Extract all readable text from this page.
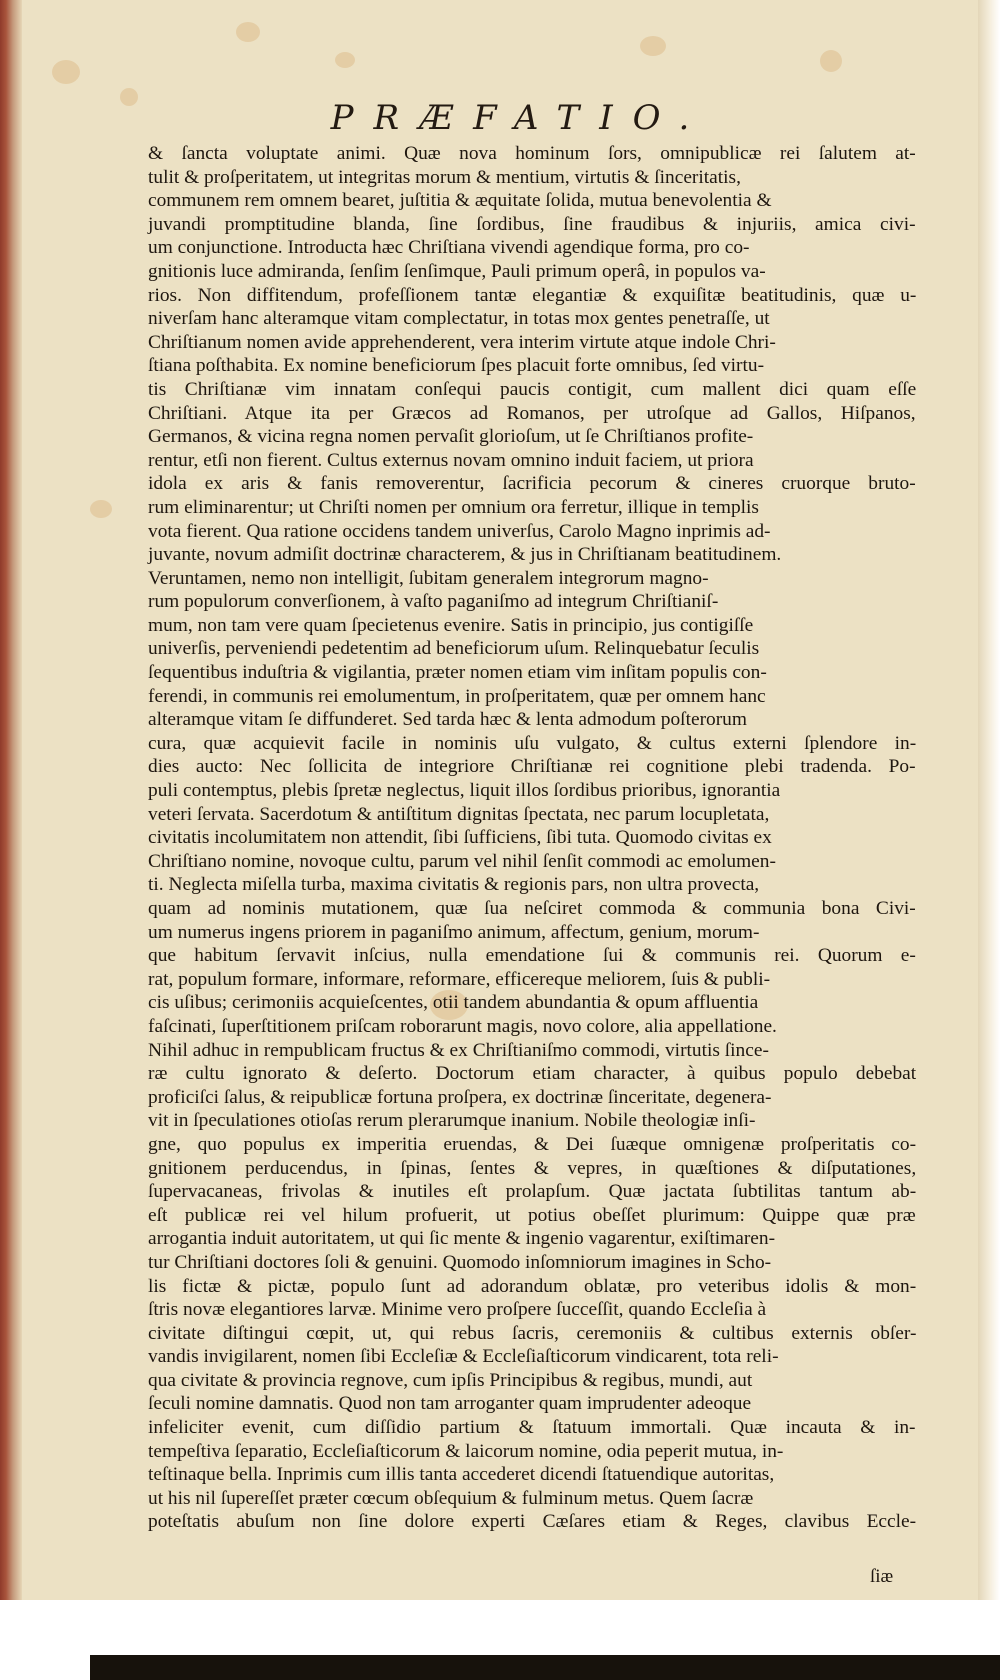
PRÆFATIO.
& ſancta voluptate animi. Quæ nova hominum ſors, omnipublicæ rei ſalutem at-
tulit & proſperitatem, ut integritas morum & mentium, virtutis & ſinceritatis,
communem rem omnem bearet, juſtitia & æquitate ſolida, mutua benevolentia &
juvandi promptitudine blanda, ſine ſordibus, ſine fraudibus & injuriis, amica civi-
um conjunctione. Introducta hæc Chriſtiana vivendi agendique forma, pro co-
gnitionis luce admiranda, ſenſim ſenſimque, Pauli primum operâ, in populos va-
rios. Non diffitendum, profeſſionem tantæ elegantiæ & exquiſitæ beatitudinis, quæ u-
niverſam hanc alteramque vitam complectatur, in totas mox gentes penetraſſe, ut
Chriſtianum nomen avide apprehenderent, vera interim virtute atque indole Chri-
ſtiana poſthabita. Ex nomine beneficiorum ſpes placuit forte omnibus, ſed virtu-
tis Chriſtianæ vim innatam conſequi paucis contigit, cum mallent dici quam eſſe
Chriſtiani. Atque ita per Græcos ad Romanos, per utroſque ad Gallos, Hiſpanos,
Germanos, & vicina regna nomen pervaſit glorioſum, ut ſe Chriſtianos profite-
rentur, etſi non fierent. Cultus externus novam omnino induit faciem, ut priora
idola ex aris & fanis removerentur, ſacrificia pecorum & cineres cruorque bruto-
rum eliminarentur; ut Chriſti nomen per omnium ora ferretur, illique in templis
vota fierent. Qua ratione occidens tandem univerſus, Carolo Magno inprimis ad-
juvante, novum admiſit doctrinæ characterem, & jus in Chriſtianam beatitudinem.
Veruntamen, nemo non intelligit, ſubitam generalem integrorum magno-
rum populorum converſionem, à vaſto paganiſmo ad integrum Chriſtianiſ-
mum, non tam vere quam ſpecietenus evenire. Satis in principio, jus contigiſſe
univerſis, perveniendi pedetentim ad beneficiorum uſum. Relinquebatur ſeculis
ſequentibus induſtria & vigilantia, præter nomen etiam vim inſitam populis con-
ferendi, in communis rei emolumentum, in proſperitatem, quæ per omnem hanc
alteramque vitam ſe diffunderet. Sed tarda hæc & lenta admodum poſterorum
cura, quæ acquievit facile in nominis uſu vulgato, & cultus externi ſplendore in-
dies aucto: Nec ſollicita de integriore Chriſtianæ rei cognitione plebi tradenda. Po-
puli contemptus, plebis ſpretæ neglectus, liquit illos ſordibus prioribus, ignorantia
veteri ſervata. Sacerdotum & antiſtitum dignitas ſpectata, nec parum locupletata,
civitatis incolumitatem non attendit, ſibi ſufficiens, ſibi tuta. Quomodo civitas ex
Chriſtiano nomine, novoque cultu, parum vel nihil ſenſit commodi ac emolumen-
ti. Neglecta miſella turba, maxima civitatis & regionis pars, non ultra provecta,
quam ad nominis mutationem, quæ ſua neſciret commoda & communia bona Civi-
um numerus ingens priorem in paganiſmo animum, affectum, genium, morum-
que habitum ſervavit inſcius, nulla emendatione ſui & communis rei. Quorum e-
rat, populum formare, informare, reformare, efficereque meliorem, ſuis & publi-
cis uſibus; cerimoniis acquieſcentes, otii tandem abundantia & opum affluentia
faſcinati, ſuperſtitionem priſcam roborarunt magis, novo colore, alia appellatione.
Nihil adhuc in rempublicam fructus & ex Chriſtianiſmo commodi, virtutis ſince-
ræ cultu ignorato & deſerto. Doctorum etiam character, à quibus populo debebat
proficiſci ſalus, & reipublicæ fortuna proſpera, ex doctrinæ ſinceritate, degenera-
vit in ſpeculationes otioſas rerum plerarumque inanium. Nobile theologiæ inſi-
gne, quo populus ex imperitia eruendas, & Dei ſuæque omnigenæ proſperitatis co-
gnitionem perducendus, in ſpinas, ſentes & vepres, in quæſtiones & diſputationes,
ſupervacaneas, frivolas & inutiles eſt prolapſum. Quæ jactata ſubtilitas tantum ab-
eſt publicæ rei vel hilum profuerit, ut potius obeſſet plurimum: Quippe quæ præ
arrogantia induit autoritatem, ut qui ſic mente & ingenio vagarentur, exiſtimaren-
tur Chriſtiani doctores ſoli & genuini. Quomodo inſomniorum imagines in Scho-
lis fictæ & pictæ, populo ſunt ad adorandum oblatæ, pro veteribus idolis & mon-
ſtris novæ elegantiores larvæ. Minime vero proſpere ſucceſſit, quando Eccleſia à
civitate diſtingui cœpit, ut, qui rebus ſacris, ceremoniis & cultibus externis obſer-
vandis invigilarent, nomen ſibi Eccleſiæ & Eccleſiaſticorum vindicarent, tota reli-
qua civitate & provincia regnove, cum ipſis Principibus & regibus, mundi, aut
ſeculi nomine damnatis. Quod non tam arroganter quam imprudenter adeoque
infeliciter evenit, cum diſſidio partium & ſtatuum immortali. Quæ incauta & in-
tempeſtiva ſeparatio, Eccleſiaſticorum & laicorum nomine, odia peperit mutua, in-
teſtinaque bella. Inprimis cum illis tanta accederet dicendi ſtatuendique autoritas,
ut his nil ſupereſſet præter cœcum obſequium & fulminum metus. Quem ſacræ
poteſtatis abuſum non ſine dolore experti Cæſares etiam & Reges, clavibus Eccle-
ſiæ
